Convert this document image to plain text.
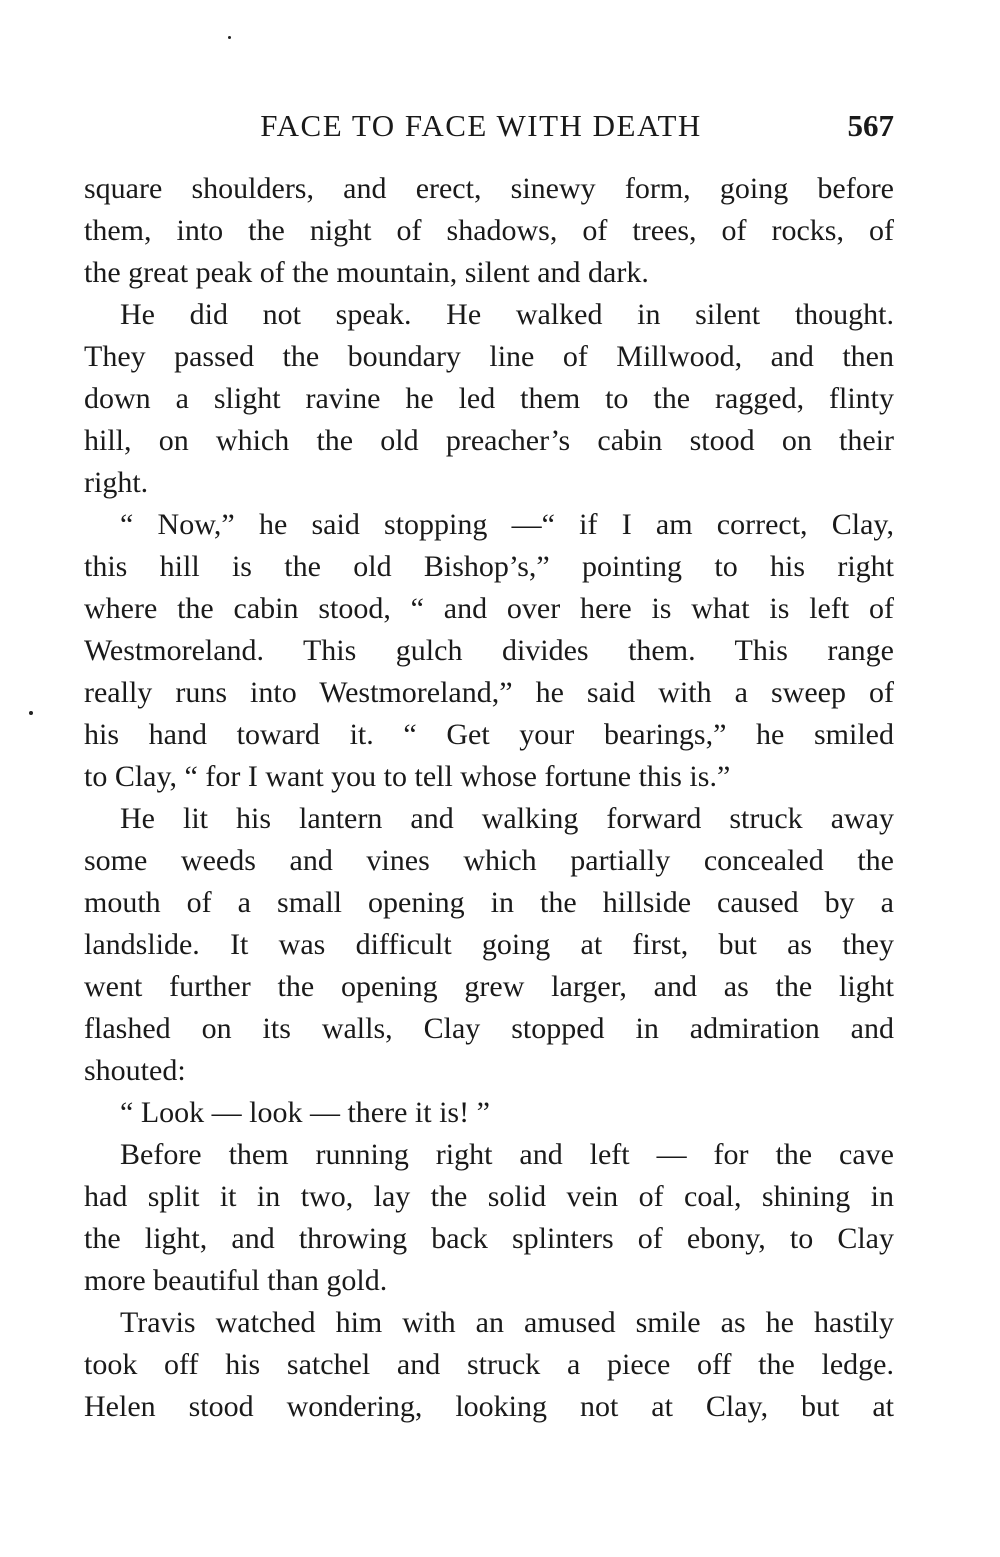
FACE TO FACE WITH DEATH	567
square shoulders, and erect, sinewy form, going before
them, into the night of shadows, of trees, of rocks, of
the great peak of the mountain, silent and dark.
He did not speak. He walked in silent thought.
They passed the boundary line of Millwood, and then
down a slight ravine he led them to the ragged, flinty
hill, on which the old preacher’s cabin stood on their
right.
“ Now,” he said stopping —“ if I am correct, Clay,
this hill is the old Bishop’s,” pointing to his right
where the cabin stood, “ and over here is what is left of
Westmoreland. This gulch divides them. This range
really runs into Westmoreland,” he said with a sweep of
his hand toward it. “ Get your bearings,” he smiled
to Clay, “ for I want you to tell whose fortune this is.”
He lit his lantern and walking forward struck away
some weeds and vines which partially concealed the
mouth of a small opening in the hillside caused by a
landslide. It was difficult going at first, but as they
went further the opening grew larger, and as the light
flashed on its walls, Clay stopped in admiration and
shouted:
“ Look — look — there it is! ”
Before them running right and left — for the cave
had split it in two, lay the solid vein of coal, shining in
the light, and throwing back splinters of ebony, to Clay
more beautiful than gold.
Travis watched him with an amused smile as he hastily
took off his satchel and struck a piece off the ledge.
Helen stood wondering, looking not at Clay, but at
